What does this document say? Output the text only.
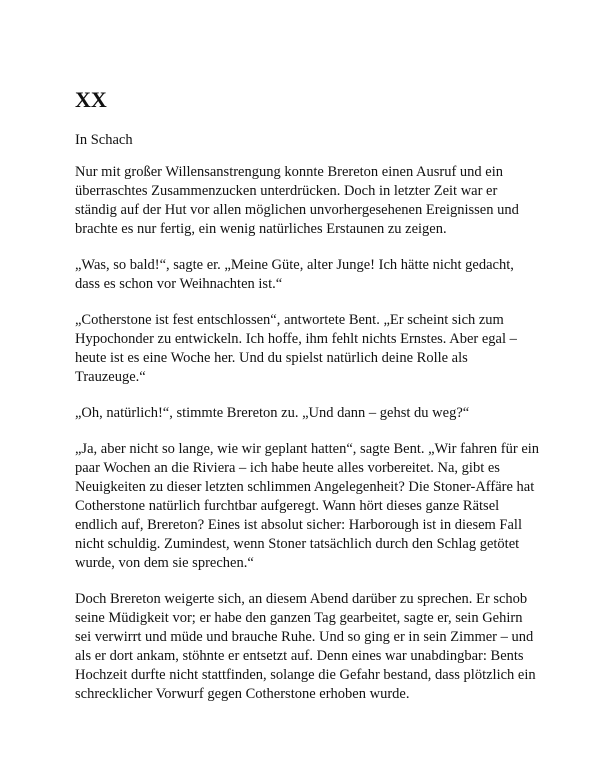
XX
In Schach

Nur mit großer Willensanstrengung konnte Brereton einen Ausruf und ein überraschtes Zusammenzucken unterdrücken. Doch in letzter Zeit war er ständig auf der Hut vor allen möglichen unvorhergesehenen Ereignissen und brachte es nur fertig, ein wenig natürliches Erstaunen zu zeigen.

„Was, so bald!“, sagte er. „Meine Güte, alter Junge! Ich hätte nicht gedacht, dass es schon vor Weihnachten ist.“

„Cotherstone ist fest entschlossen“, antwortete Bent. „Er scheint sich zum Hypochonder zu entwickeln. Ich hoffe, ihm fehlt nichts Ernstes. Aber egal – heute ist es eine Woche her. Und du spielst natürlich deine Rolle als Trauzeuge.“

„Oh, natürlich!“, stimmte Brereton zu. „Und dann – gehst du weg?“

„Ja, aber nicht so lange, wie wir geplant hatten“, sagte Bent. „Wir fahren für ein paar Wochen an die Riviera – ich habe heute alles vorbereitet. Na, gibt es Neuigkeiten zu dieser letzten schlimmen Angelegenheit? Die Stoner-Affäre hat Cotherstone natürlich furchtbar aufgeregt. Wann hört dieses ganze Rätsel endlich auf, Brereton? Eines ist absolut sicher: Harborough ist in diesem Fall nicht schuldig. Zumindest, wenn Stoner tatsächlich durch den Schlag getötet wurde, von dem sie sprechen.“

Doch Brereton weigerte sich, an diesem Abend darüber zu sprechen. Er schob seine Müdigkeit vor; er habe den ganzen Tag gearbeitet, sagte er, sein Gehirn sei verwirrt und müde und brauche Ruhe. Und so ging er in sein Zimmer – und als er dort ankam, stöhnte er entsetzt auf. Denn eines war unabdingbar: Bents Hochzeit durfte nicht stattfinden, solange die Gefahr bestand, dass plötzlich ein schrecklicher Vorwurf gegen Cotherstone erhoben wurde.
